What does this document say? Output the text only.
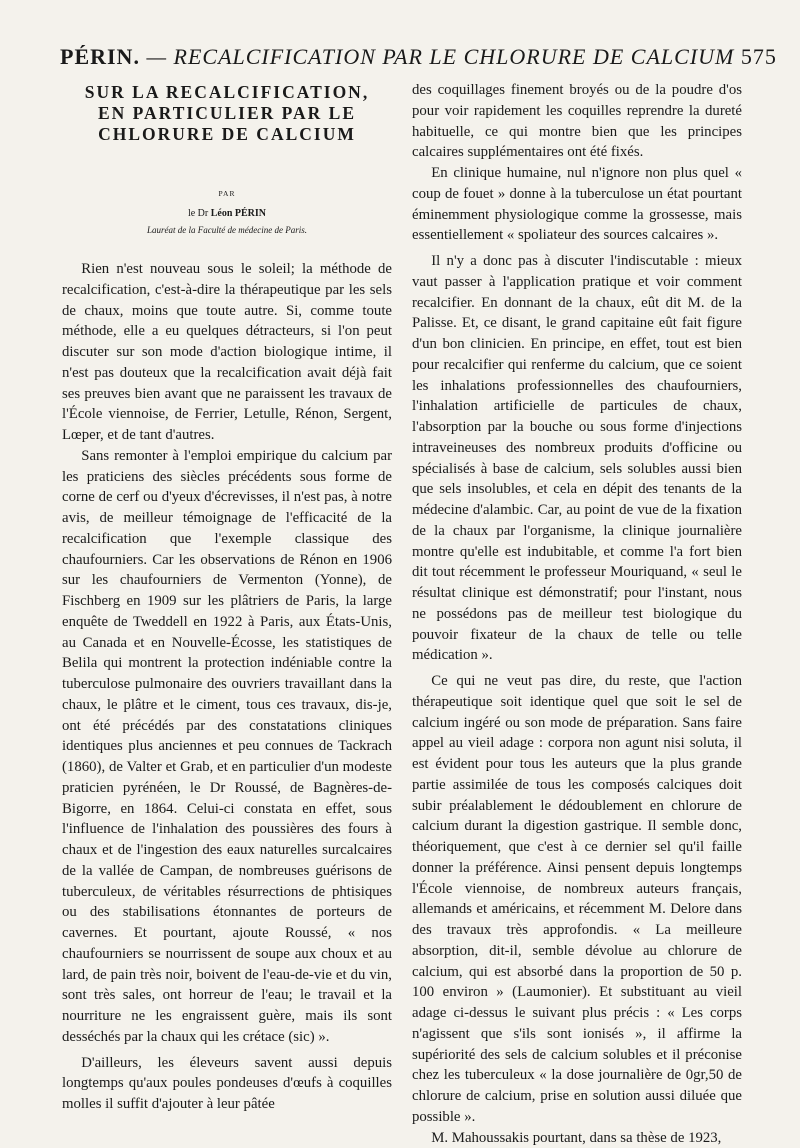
PÉRIN. — RECALCIFICATION PAR LE CHLORURE DE CALCIUM 575
SUR LA RECALCIFICATION,
EN PARTICULIER PAR LE
CHLORURE DE CALCIUM
PAR
le Dr Léon PÉRIN
Lauréat de la Faculté de médecine de Paris.

Rien n'est nouveau sous le soleil; la méthode de recalcification, c'est-à-dire la thérapeutique par les sels de chaux, moins que toute autre. Si, comme toute méthode, elle a eu quelques détracteurs, si l'on peut discuter sur son mode d'action biologique intime, il n'est pas douteux que la recalcification avait déjà fait ses preuves bien avant que ne paraissent les travaux de l'École viennoise, de Ferrier, Letulle, Rénon, Sergent, Lœper, et de tant d'autres.

Sans remonter à l'emploi empirique du calcium par les praticiens des siècles précédents sous forme de corne de cerf ou d'yeux d'écrevisses, il n'est pas, à notre avis, de meilleur témoignage de l'efficacité de la recalcification que l'exemple classique des chaufourniers. Car les observations de Rénon en 1906 sur les chaufourniers de Vermenton (Yonne), de Fischberg en 1909 sur les plâtriers de Paris, la large enquête de Tweddell en 1922 à Paris, aux États-Unis, au Canada et en Nouvelle-Écosse, les statistiques de Belila qui montrent la protection indéniable contre la tuberculose pulmonaire des ouvriers travaillant dans la chaux, le plâtre et le ciment, tous ces travaux, dis-je, ont été précédés par des constatations cliniques identiques plus anciennes et peu connues de Tackrach (1860), de Valter et Grab, et en particulier d'un modeste praticien pyrénéen, le Dr Roussé, de Bagnères-de-Bigorre, en 1864. Celui-ci constata en effet, sous l'influence de l'inhalation des poussières des fours à chaux et de l'ingestion des eaux naturelles surcalcaires de la vallée de Campan, de nombreuses guérisons de tuberculeux, de véritables résurrections de phtisiques ou des stabilisations étonnantes de porteurs de cavernes. Et pourtant, ajoute Roussé, « nos chaufourniers se nourrissent de soupe aux choux et au lard, de pain très noir, boivent de l'eau-de-vie et du vin, sont très sales, ont horreur de l'eau; le travail et la nourriture ne les engraissent guère, mais ils sont desséchés par la chaux qui les crétace (sic) ».

D'ailleurs, les éleveurs savent aussi depuis longtemps qu'aux poules pondeuses d'œufs à coquilles molles il suffit d'ajouter à leur pâtée

des coquillages finement broyés ou de la poudre d'os pour voir rapidement les coquilles reprendre la dureté habituelle, ce qui montre bien que les principes calcaires supplémentaires ont été fixés.

En clinique humaine, nul n'ignore non plus quel « coup de fouet » donne à la tuberculose un état pourtant éminemment physiologique comme la grossesse, mais essentiellement « spoliateur des sources calcaires ».

Il n'y a donc pas à discuter l'indiscutable : mieux vaut passer à l'application pratique et voir comment recalcifier. En donnant de la chaux, eût dit M. de la Palisse. Et, ce disant, le grand capitaine eût fait figure d'un bon clinicien. En principe, en effet, tout est bien pour recalcifier qui renferme du calcium, que ce soient les inhalations professionnelles des chaufourniers, l'inhalation artificielle de particules de chaux, l'absorption par la bouche ou sous forme d'injections intraveineuses des nombreux produits d'officine ou spécialisés à base de calcium, sels solubles aussi bien que sels insolubles, et cela en dépit des tenants de la médecine d'alambic. Car, au point de vue de la fixation de la chaux par l'organisme, la clinique journalière montre qu'elle est indubitable, et comme l'a fort bien dit tout récemment le professeur Mouriquand, « seul le résultat clinique est démonstratif; pour l'instant, nous ne possédons pas de meilleur test biologique du pouvoir fixateur de la chaux de telle ou telle médication ».

Ce qui ne veut pas dire, du reste, que l'action thérapeutique soit identique quel que soit le sel de calcium ingéré ou son mode de préparation. Sans faire appel au vieil adage : corpora non agunt nisi soluta, il est évident pour tous les auteurs que la plus grande partie assimilée de tous les composés calciques doit subir préalablement le dédoublement en chlorure de calcium durant la digestion gastrique. Il semble donc, théoriquement, que c'est à ce dernier sel qu'il faille donner la préférence. Ainsi pensent depuis longtemps l'École viennoise, de nombreux auteurs français, allemands et américains, et récemment M. Delore dans des travaux très approfondis. « La meilleure absorption, dit-il, semble dévolue au chlorure de calcium, qui est absorbé dans la proportion de 50 p. 100 environ » (Laumonier). Et substituant au vieil adage ci-dessus le suivant plus précis : « Les corps n'agissent que s'ils sont ionisés », il affirme la supériorité des sels de calcium solubles et il préconise chez les tuberculeux « la dose journalière de 0gr,50 de chlorure de calcium, prise en solution aussi diluée que possible ».

M. Mahoussakis pourtant, dans sa thèse de 1923,
